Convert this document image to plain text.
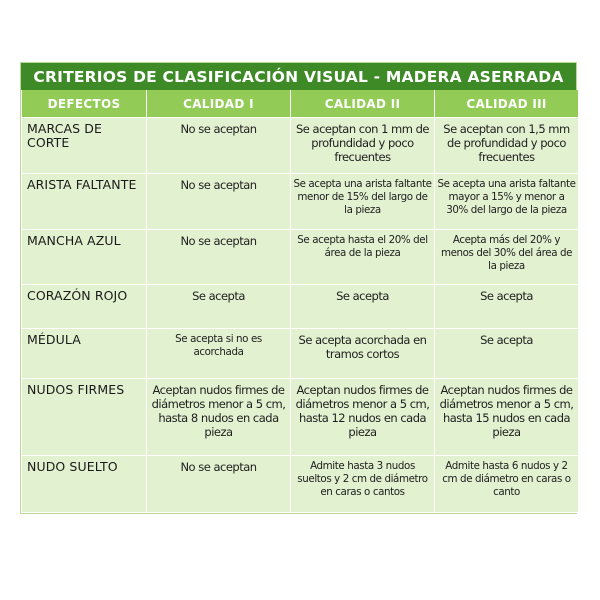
CRITERIOS DE CLASIFICACIÓN VISUAL - MADERA ASERRADA
DEFECTOS	CALIDAD I	CALIDAD II	CALIDAD III
MARCAS DE CORTE	No se aceptan	Se aceptan con 1 mm de profundidad y poco frecuentes	Se aceptan con 1,5 mm de profundidad y poco frecuentes
ARISTA FALTANTE	No se aceptan	Se acepta una arista faltante menor de 15% del largo de la pieza	Se acepta una arista faltante mayor a 15% y menor a 30% del largo de la pieza
MANCHA AZUL	No se aceptan	Se acepta hasta el 20% del área de la pieza	Acepta más del 20% y menos del 30% del área de la pieza
CORAZÓN ROJO	Se acepta	Se acepta	Se acepta
MÉDULA	Se acepta si no es acorchada	Se acepta acorchada en tramos cortos	Se acepta
NUDOS FIRMES	Aceptan nudos firmes de diámetros menor a 5 cm, hasta 8 nudos en cada pieza	Aceptan nudos firmes de diámetros menor a 5 cm, hasta 12 nudos en cada pieza	Aceptan nudos firmes de diámetros menor a 5 cm, hasta 15 nudos en cada pieza
NUDO SUELTO	No se aceptan	Admite hasta 3 nudos sueltos y 2 cm de diámetro en caras o cantos	Admite hasta 6 nudos y 2 cm de diámetro en caras o canto
